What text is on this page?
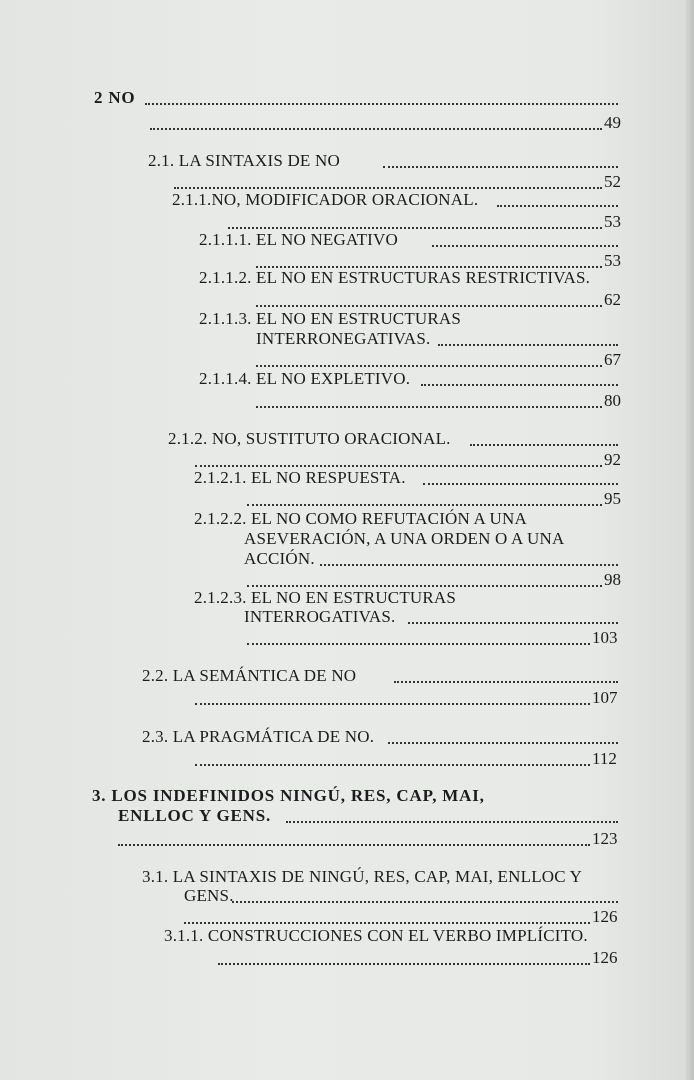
2 NO
49
2.1. LA SINTAXIS DE NO
52
2.1.1.NO, MODIFICADOR ORACIONAL.
53
2.1.1.1. EL NO NEGATIVO
53
2.1.1.2. EL NO EN ESTRUCTURAS RESTRICTIVAS.
62
2.1.1.3. EL NO EN ESTRUCTURAS
INTERRONEGATIVAS.
67
2.1.1.4. EL NO EXPLETIVO.
80
2.1.2. NO, SUSTITUTO ORACIONAL.
92
2.1.2.1. EL NO RESPUESTA.
95
2.1.2.2. EL NO COMO REFUTACIÓN A UNA
ASEVERACIÓN, A UNA ORDEN O A UNA
ACCIÓN.
98
2.1.2.3. EL NO EN ESTRUCTURAS
INTERROGATIVAS.
103
2.2. LA SEMÁNTICA DE NO
107
2.3. LA PRAGMÁTICA DE NO.
112
3. LOS INDEFINIDOS NINGÚ, RES, CAP, MAI,
ENLLOC Y GENS.
123
3.1. LA SINTAXIS DE NINGÚ, RES, CAP, MAI, ENLLOC Y
GENS.
126
3.1.1. CONSTRUCCIONES CON EL VERBO IMPLÍCITO.
126
